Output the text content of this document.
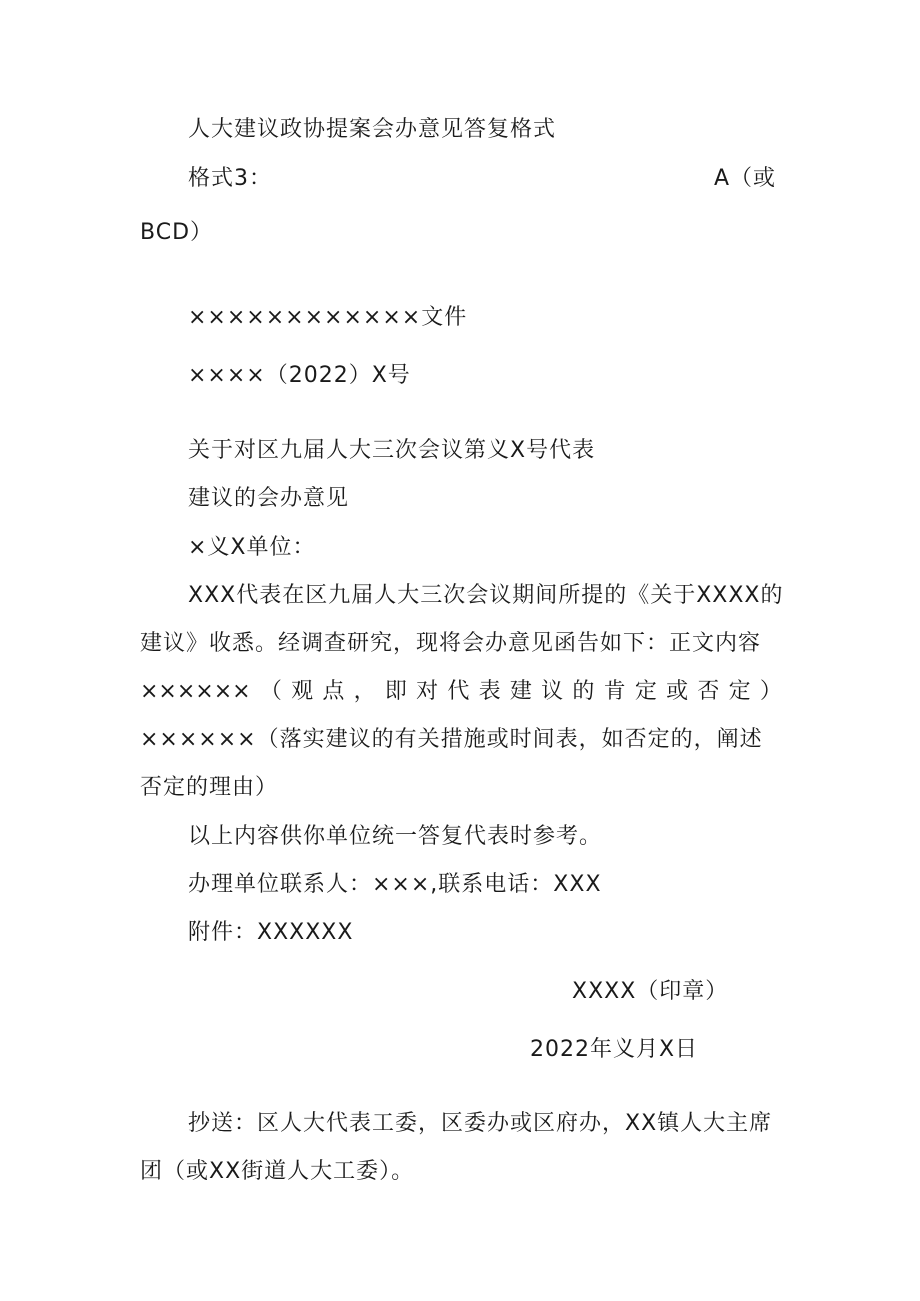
人大建议政协提案会办意见答复格式
格式3：	A（或
BCD）
××××××××××××文件
××××（2022）X号
关于对区九届人大三次会议第义X号代表
建议的会办意见
×义X单位：
XXX代表在区九届人大三次会议期间所提的《关于XXXX的
建议》收悉。经调查研究，现将会办意见函告如下：正文内容
×××××× （ 观 点 ， 即 对 代 表 建 议 的 肯 定 或 否 定 ）
××××××（落实建议的有关措施或时间表，如否定的，阐述
否定的理由）
以上内容供你单位统一答复代表时参考。
办理单位联系人：×××,联系电话：XXX
附件：XXXXXX
XXXX（印章）
2022年义月X日
抄送：区人大代表工委，区委办或区府办，XX镇人大主席
团（或XX街道人大工委）。
